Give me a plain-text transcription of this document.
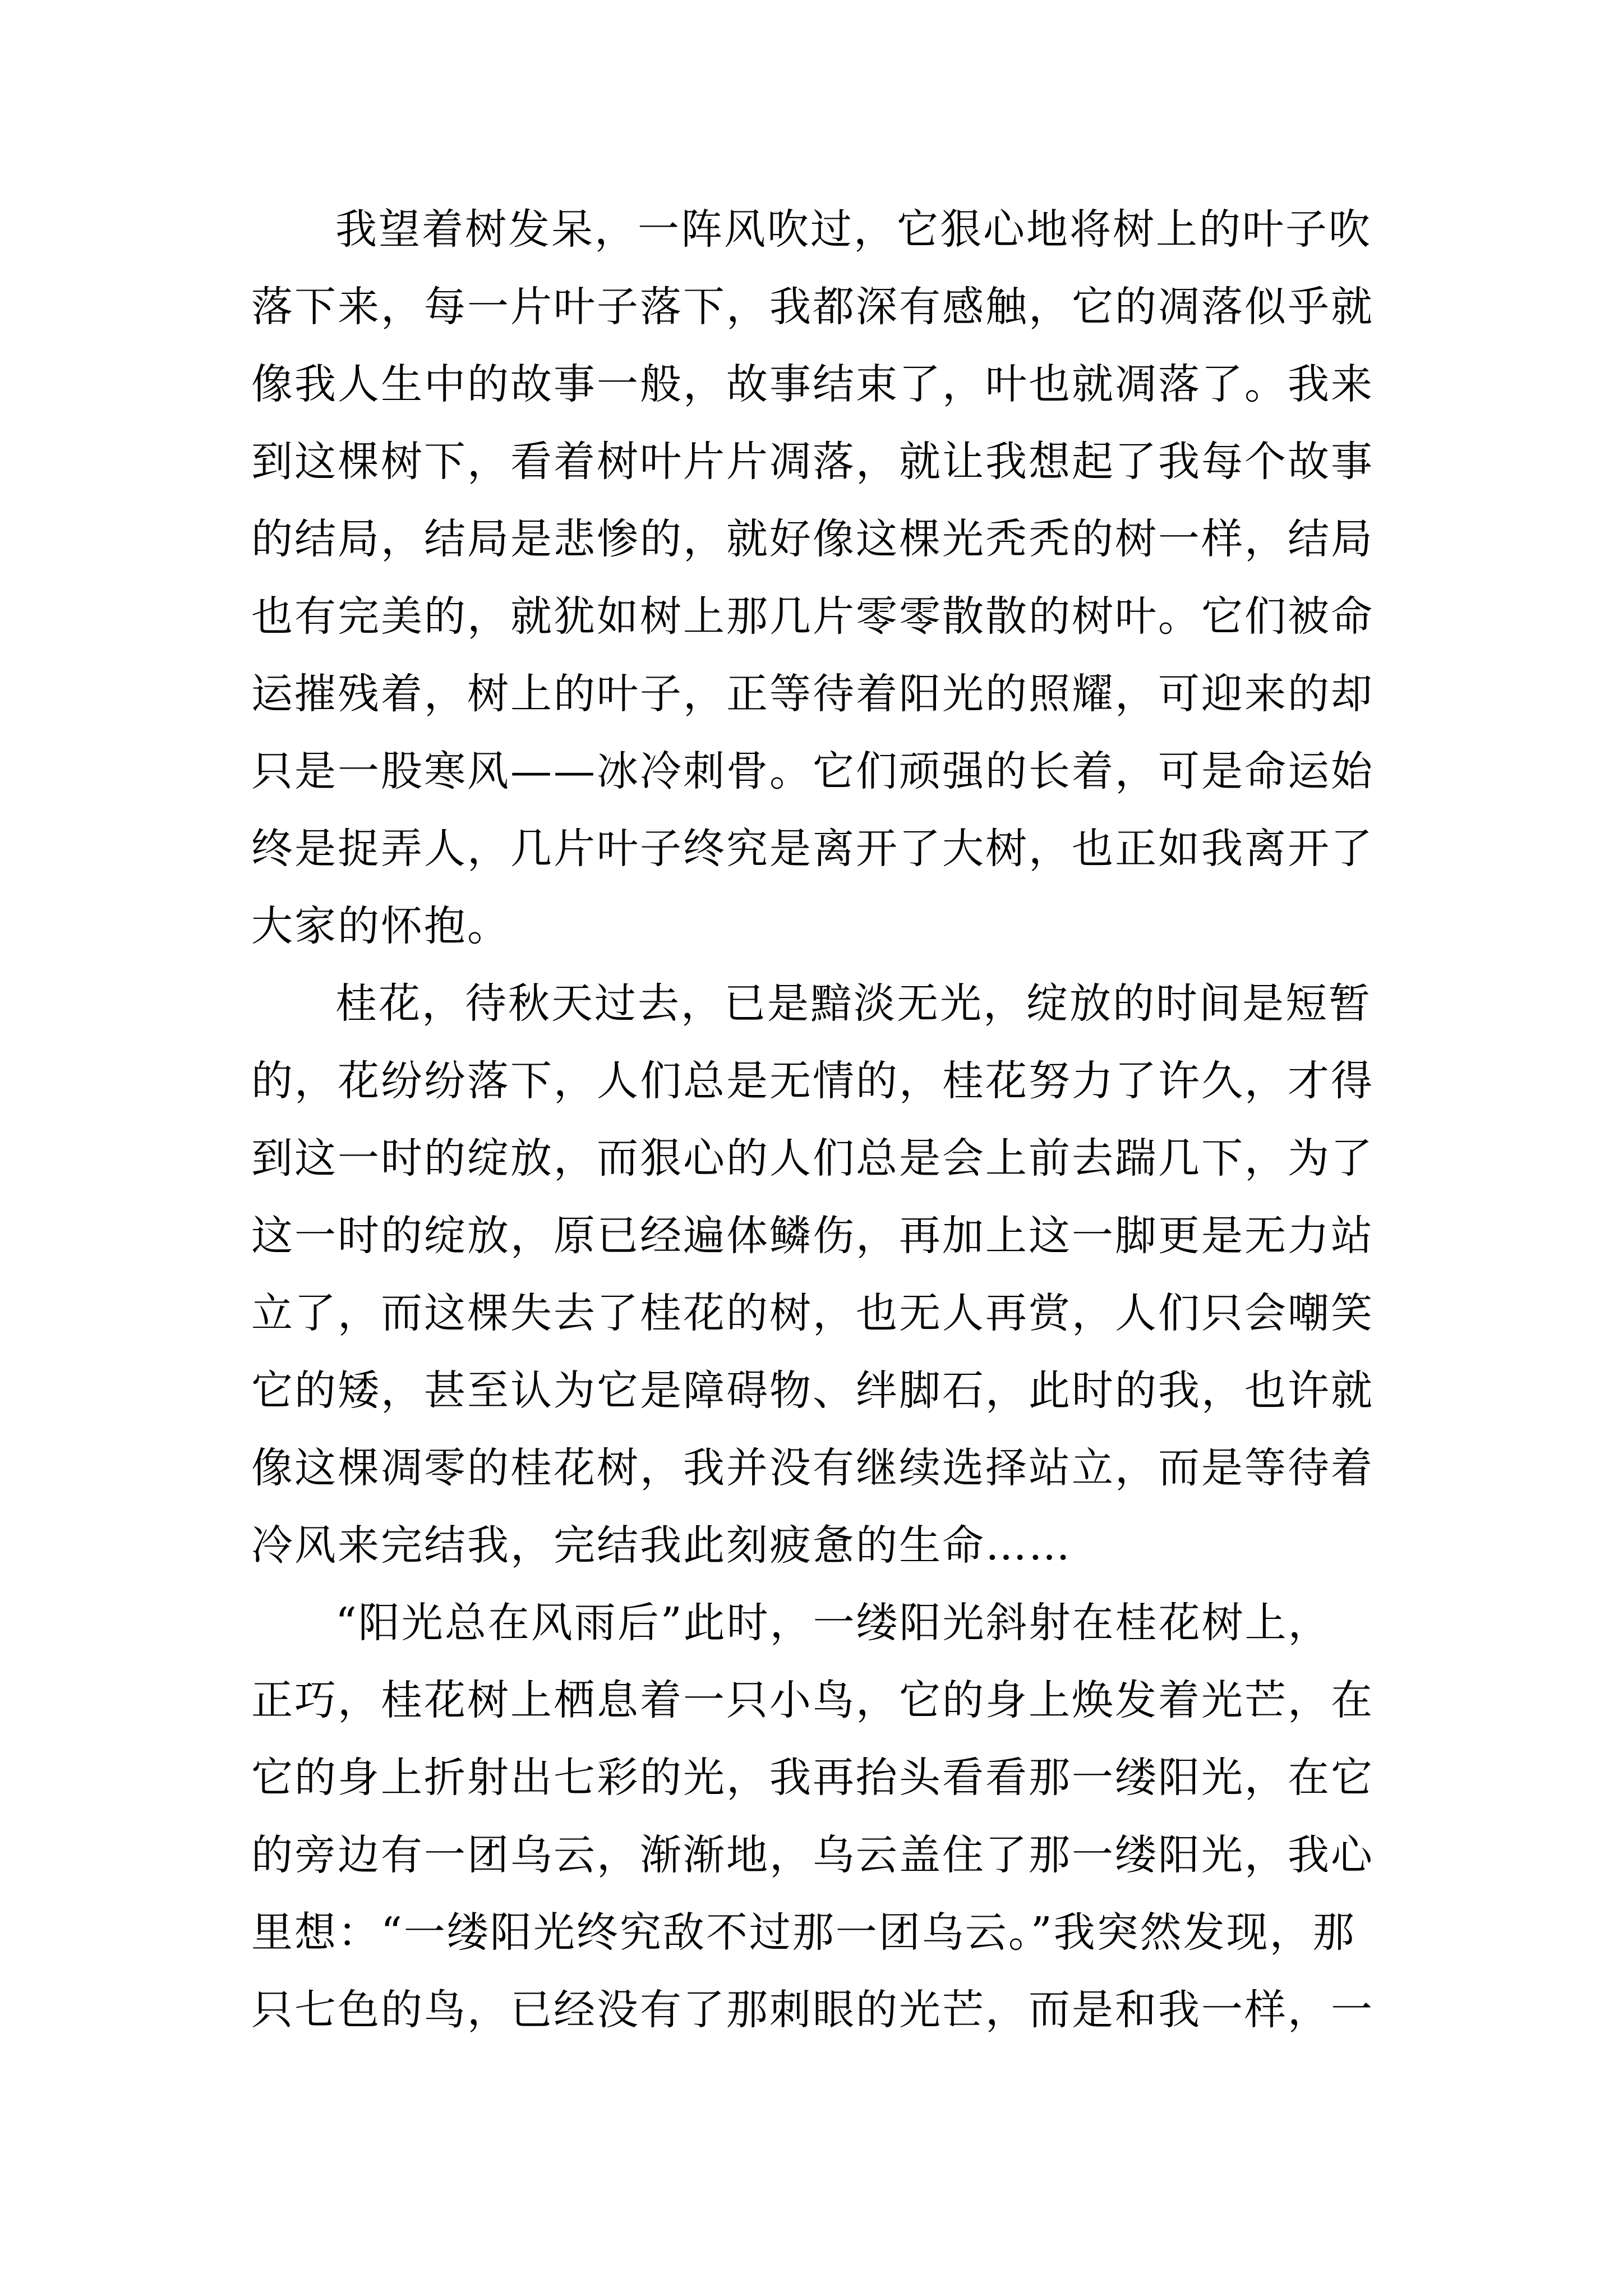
我望着树发呆，一阵风吹过，它狠心地将树上的叶子吹
落下来，每一片叶子落下，我都深有感触，它的凋落似乎就
像我人生中的故事一般，故事结束了，叶也就凋落了。我来
到这棵树下，看着树叶片片凋落，就让我想起了我每个故事
的结局，结局是悲惨的，就好像这棵光秃秃的树一样，结局
也有完美的，就犹如树上那几片零零散散的树叶。它们被命
运摧残着，树上的叶子，正等待着阳光的照耀，可迎来的却
只是一股寒风——冰冷刺骨。它们顽强的长着，可是命运始
终是捉弄人，几片叶子终究是离开了大树，也正如我离开了
大家的怀抱。
桂花，待秋天过去，已是黯淡无光，绽放的时间是短暂
的，花纷纷落下，人们总是无情的，桂花努力了许久，才得
到这一时的绽放，而狠心的人们总是会上前去踹几下，为了
这一时的绽放，原已经遍体鳞伤，再加上这一脚更是无力站
立了，而这棵失去了桂花的树，也无人再赏，人们只会嘲笑
它的矮，甚至认为它是障碍物、绊脚石，此时的我，也许就
像这棵凋零的桂花树，我并没有继续选择站立，而是等待着
冷风来完结我，完结我此刻疲惫的生命……
“阳光总在风雨后”此时，一缕阳光斜射在桂花树上，
正巧，桂花树上栖息着一只小鸟，它的身上焕发着光芒，在
它的身上折射出七彩的光，我再抬头看看那一缕阳光，在它
的旁边有一团乌云，渐渐地，乌云盖住了那一缕阳光，我心
里想：“一缕阳光终究敌不过那一团乌云。”我突然发现，那
只七色的鸟，已经没有了那刺眼的光芒，而是和我一样，一
